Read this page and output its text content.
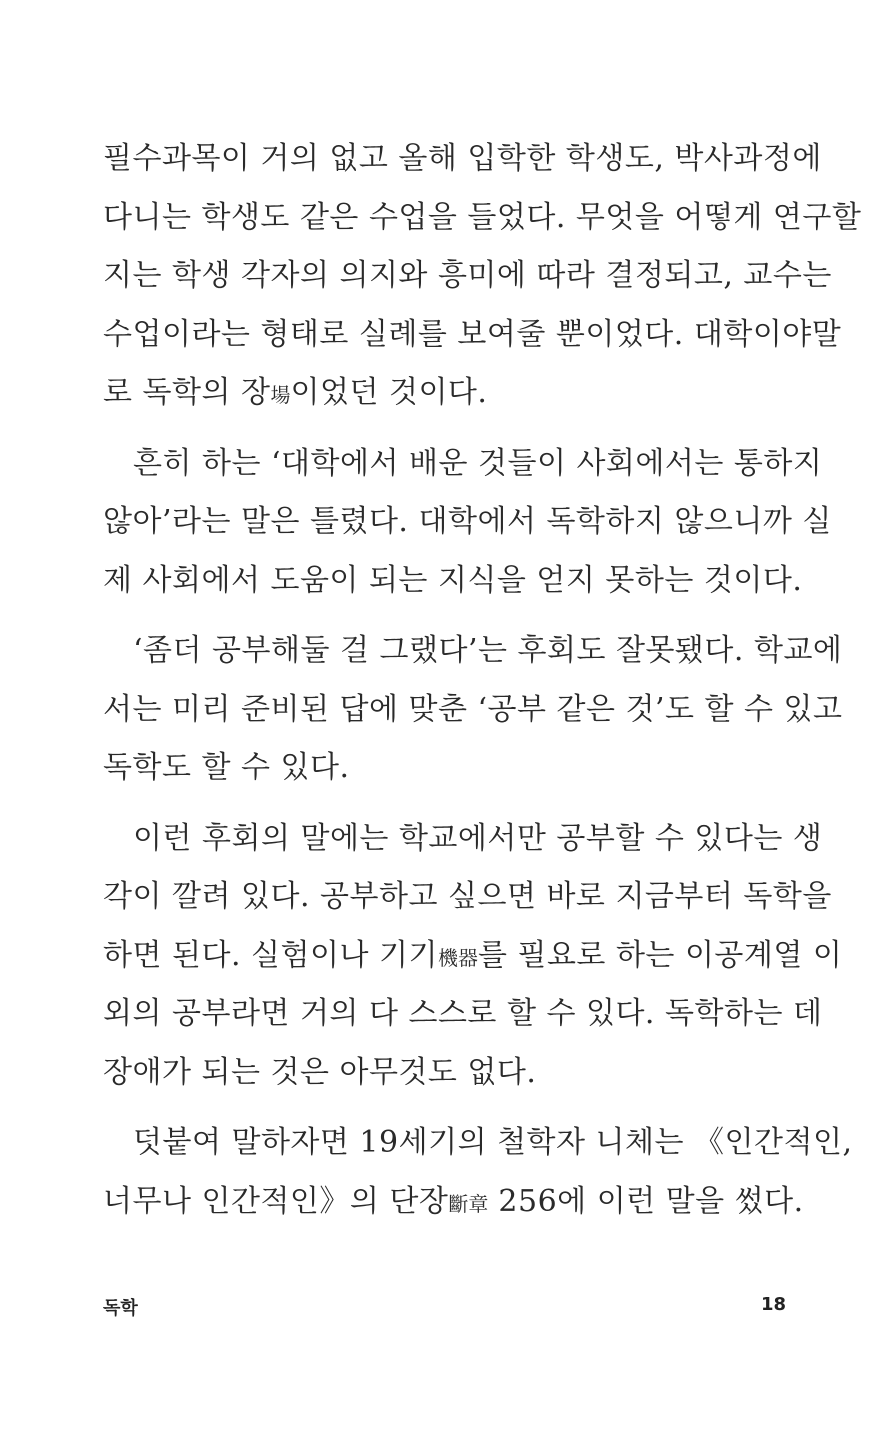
필수과목이 거의 없고 올해 입학한 학생도, 박사과정에
다니는 학생도 같은 수업을 들었다. 무엇을 어떻게 연구할
지는 학생 각자의 의지와 흥미에 따라 결정되고, 교수는
수업이라는 형태로 실례를 보여줄 뿐이었다. 대학이야말
로 독학의 장場이었던 것이다.
흔히 하는 ‘대학에서 배운 것들이 사회에서는 통하지
않아’라는 말은 틀렸다. 대학에서 독학하지 않으니까 실
제 사회에서 도움이 되는 지식을 얻지 못하는 것이다.
‘좀더 공부해둘 걸 그랬다’는 후회도 잘못됐다. 학교에
서는 미리 준비된 답에 맞춘 ‘공부 같은 것’도 할 수 있고
독학도 할 수 있다.
이런 후회의 말에는 학교에서만 공부할 수 있다는 생
각이 깔려 있다. 공부하고 싶으면 바로 지금부터 독학을
하면 된다. 실험이나 기기機器를 필요로 하는 이공계열 이
외의 공부라면 거의 다 스스로 할 수 있다. 독학하는 데
장애가 되는 것은 아무것도 없다.
덧붙여 말하자면 19세기의 철학자 니체는 《인간적인,
너무나 인간적인》의 단장斷章 256에 이런 말을 썼다.
독학	18
